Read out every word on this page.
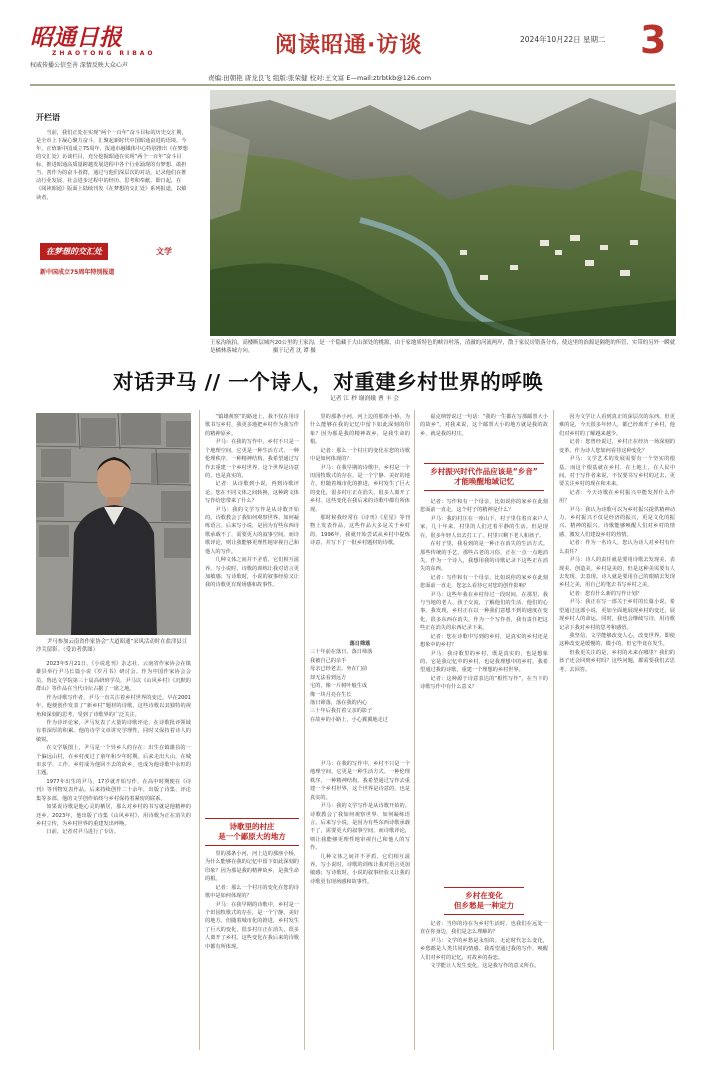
昭通日报
ZHAOTONG RIBAO
权威传播公信至善 深情反映大众心声
阅读昭通·访谈	2024年10月22日 星期二 3
责编:田朝艳 唐龙良飞 组版:张荣健 校对:王文富 E—mail:ztrbtkb@126.com
开栏语

当前，我们正处在实现“两个一百年”奋斗目标的历史交汇期，是全市上下凝心聚力奋斗，汇聚起新时代中国昭通奋进的语境。今年，正值新中国成立75周年，报通市融媒体中心特别推出《在梦想的交汇处》访谈栏目，充分挖掘昭通在实现“两个一百年”奋斗目标、推进昭通高质量跨越发展进程中各个行业涌现的有梦想、敢担当、善作为的奋斗者群，通过与他们深层次的对话，记录他们在推动行业发展、社会进步过程中的经历、思考和奉献。即日起，在《阅读昭通》版面上陆续刊发《在梦想的交汇处》系列报道，以飨读者。

在梦想的交汇处	文学
新中国成立75周年特别报道
王家沟航拍。高楼断层城内20公里的王家沟，是一个隐藏于大山深处的桃源，由于家地质特色的峡谷村落，清澈的河流两岸，散于家民房错落分布，使这里的治源是隔绝的所管，实带的另外一瞬就是橘林落城方向。	摄于记者 沈 谭 摄
对话尹马 // 一个诗人，对重建乡村世界的呼唤
记者 江 秒 谢润娥 曹 丰 会
尹马参加云南省作家协会“大道昭通”采风活动时在盐津县豆沙关留影。（受访者供图）

2023年5月21日，《小说选刊》杂志社、云南省作家协会在镇雄县举行尹马长篇小说《岁月书》研讨会。作为中国作家协会会员、鲁迅文学院第三十届高研班学员，尹马以《山风乡村》《沉默的群山》等作品在当代诗坛占据了一席之地。

作为诗歌写作者，尹马一直关注着乡村世界的变迁。早在2001年，他便创作发表了“新乡村”题材的诗歌，这些诗歌以其独特的视角和深刻的思考，受到了诗歌界的广泛关注。

作为诗评论家，尹马发表了大量的诗歌评论，在诗歌批评领域有着深厚的积累。他的诗学文章讲究学理性，同时又保持着诗人的敏锐。

在文学版图上，尹马是一个异乡人的存在：出生在镇雄县的一个偏远山村，在乡村度过了童年和少年时期。后来走出大山，在城市求学、工作，乡村成为他回不去的故乡，也成为他诗歌中永恒的主题。

1977年出生的尹马，17岁就开始写作。在高中时期便在《诗刊》等刊物发表作品，后来持续创作二十余年，出版了诗集、评论集等多部。他的文学创作始终与乡村保持着紧密的联系。

如果说诗歌是他心灵的栖居，那么对乡村的书写就是他精神的还乡。2023年，他出版了诗集《山风乡村》，用诗歌为正在消失的乡村立传，为乡村世界的重建发出呼唤。

日前，记者对尹马进行了专访。

“镇雄观察”的路途上，我不仅在用诗歌书写乡村，我更多地把乡村作为我写作的精神原乡。

尹马：在我的写作中，乡村不只是一个地理空间，它更是一种生活方式、一种伦理秩序、一种精神结构。我希望通过写作去重建一个乡村世界，这个世界是诗意的，也是真实的。

记者：从诗歌到小说，再到诗歌评论，您在不同文体之间转换，这种跨文体写作给您带来了什么？

尹马：我的文学写作是从诗歌开始的。诗歌教会了我如何观察世界、如何凝练语言。后来写小说，是因为有些东西诗歌承载不了，需要更大的叙事空间。而诗歌评论，则让我能够更理性地审视自己和他人的写作。

几种文体之间并不矛盾，它们相互滋养。写小说时，诗歌的训练让我对语言更加敏感；写诗歌时，小说的叙事经验又让我的诗歌更有现场感和故事性。

诗歌里的村庄
是一个鄙原大的地方

里的那条小河，河上边的那座小桥，为什么能够在我的记忆中留下如此深刻的印象？因为那是我的精神故乡，是我生命的根。

记者：那么一个村庄的变化在您的诗歌中是如何体现的？

尹马：在我早期的诗歌中，乡村是一个田园牧歌式的存在，是一个宁静、美好的地方。但随着城市化的推进，乡村发生了巨大的变化，很多村庄正在消失，很多人离开了乡村。这些变化在我后来的诗歌中都有所体现。

里的那条小河，河上边的那座小桥，为什么能够在我的记忆中留下如此深刻的印象？因为那是我的精神故乡，是我生命的根。

记者：那么一个村庄的变化在您的诗歌中是如何体现的？

尹马：在我早期的诗歌中，乡村是一个田园牧歌式的存在，是一个宁静、美好的地方。但随着城市化的推进，乡村发生了巨大的变化，很多村庄正在消失，很多人离开了乡村。这些变化在我后来的诗歌中都有所体现。

那时候我经常在《诗刊》《星星》等刊物上发表作品，这些作品大多是关于乡村的。1996年，我就开始尝试从乡村中提炼诗意，并写下了一批乡村题材的诗歌。

落日筛落

三十年前在落日，落日筛落

我被自己的亲手

母亲已经老去，坐在门前

却无法看到远方

宅的，像一片树叶般生成

像一块月亮在生长

落日筛落，落在我的内心

三十年后我打着父亲的影子

在故乡的小路上，小心翼翼地走过

尹马：在我的写作中，乡村不只是一个地理空间，它更是一种生活方式、一种伦理秩序、一种精神结构。我希望通过写作去重建一个乡村世界，这个世界是诗意的，也是真实的。

尹马：我的文学写作是从诗歌开始的。诗歌教会了我如何观察世界、如何凝练语言。后来写小说，是因为有些东西诗歌承载不了，需要更大的叙事空间。而诗歌评论，则让我能够更理性地审视自己和他人的写作。

几种文体之间并不矛盾，它们相互滋养。写小说时，诗歌的训练让我对语言更加敏感；写诗歌时，小说的叙事经验又让我的诗歌更有现场感和故事性。

福克纳曾说过一句话：“我的一生都在写那邮票大小的故乡”。对我来说，这个邮票大小的地方就是我的故乡，就是我的村庄。

乡村振兴时代作品应该是“乡音”
才能唤醒地域记忆

记者：写作和有一个母亲，比如说你的家乡在此刻您面前一直走，这个村子的精神是什么？

尹马：我的村庄在一座山下，村子里住着百来户人家，几十年来，村里的人们过着平静的生活。但是现在，很多年轻人出去打工了，村里只剩下老人和孩子。

在村子里，我看到的是一种正在消失的生活方式。那些传统的手艺、那些古老的习俗，正在一点一点地消失。作为一个诗人，我想用我的诗歌记录下这些正在消失的东西。

记者：写作和有一个母亲，比如说你的家乡在此刻您面前一直走，您怎么看待它对您的创作影响？

尹马：这些年我在乡村待过一段时间，在那里，我与当地的老人、孩子交流，了解他们的生活、他们的心事。我发现，乡村正在以一种我们意想不到的速度在变化，很多东西在消失。作为一个写作者，我有责任把这些正在消失的东西记录下来。

记者：您在诗歌中写到的乡村，是真实的乡村还是想象中的乡村？

尹马：我诗歌里的乡村，既是真实的，也是想象的。它是我记忆中的乡村，也是我理想中的乡村。我希望通过我的诗歌，重建一个理想的乡村世界。

记者：这种源于诗意表达的“根性写作”，在当下的诗歌写作中有什么意义？

乡村在变化
但乡愁是一种定力

记者：当你的诗在为乡村生活时，也我们在远处一直在你身边，我们是怎么理解的？

尹马：文学的乡愁是永恒的。无论时代怎么变化，乡愁都是人类共同的情感。我希望通过我的写作，唤醒人们对乡村的记忆，对故乡的眷恋。

文学能让人发生变化，这是我写作的意义所在。

因为文学让人看到真正的深层次的东西。但更难的是，今天很多年轻人，都已经离开了乡村，他们对乡村的了解越来越少。

记者：您曾经说过，乡村正在经历一场深刻的变革，作为诗人您如何看待这种变化？

尹马：文学艺术的发展需要有一个坚实的根基。而这个根基就在乡村，在土地上，在人民中间。对于写作者来说，不仅要书写乡村的过去，更要关注乡村的现在和未来。

记者：今天诗歌在乡村振兴中能发挥什么作用？

尹马：我认为诗歌可以为乡村振兴提供精神动力。乡村振兴不仅是经济的振兴，更是文化的振兴、精神的振兴。诗歌能够唤醒人们对乡村的情感，激发人们建设乡村的热情。

记者：作为一名诗人，您认为诗人对乡村有什么责任？

尹马：诗人的责任就是要用诗歌去发现美、表现美、创造美。乡村是美的，但是这种美需要有人去发现、去表现。诗人就是要用自己的眼睛去发现乡村之美，用自己的笔去书写乡村之美。

记者：您有什么新的写作计划？

尹马：我正在写一部关于乡村的长篇小说，希望通过这部小说，更加全面地展现乡村的变迁，展现乡村人的命运。同时，我也会继续写诗，用诗歌记录下我对乡村的思考和感悟。

我坚信，文学能够改变人心，改变世界。即使这种改变是缓慢的、微小的，但它毕竟在发生。

但我更关注的是，乡村的未来在哪里？我们的孩子还会回到乡村吗？这些问题，都需要我们去思考，去回答。
